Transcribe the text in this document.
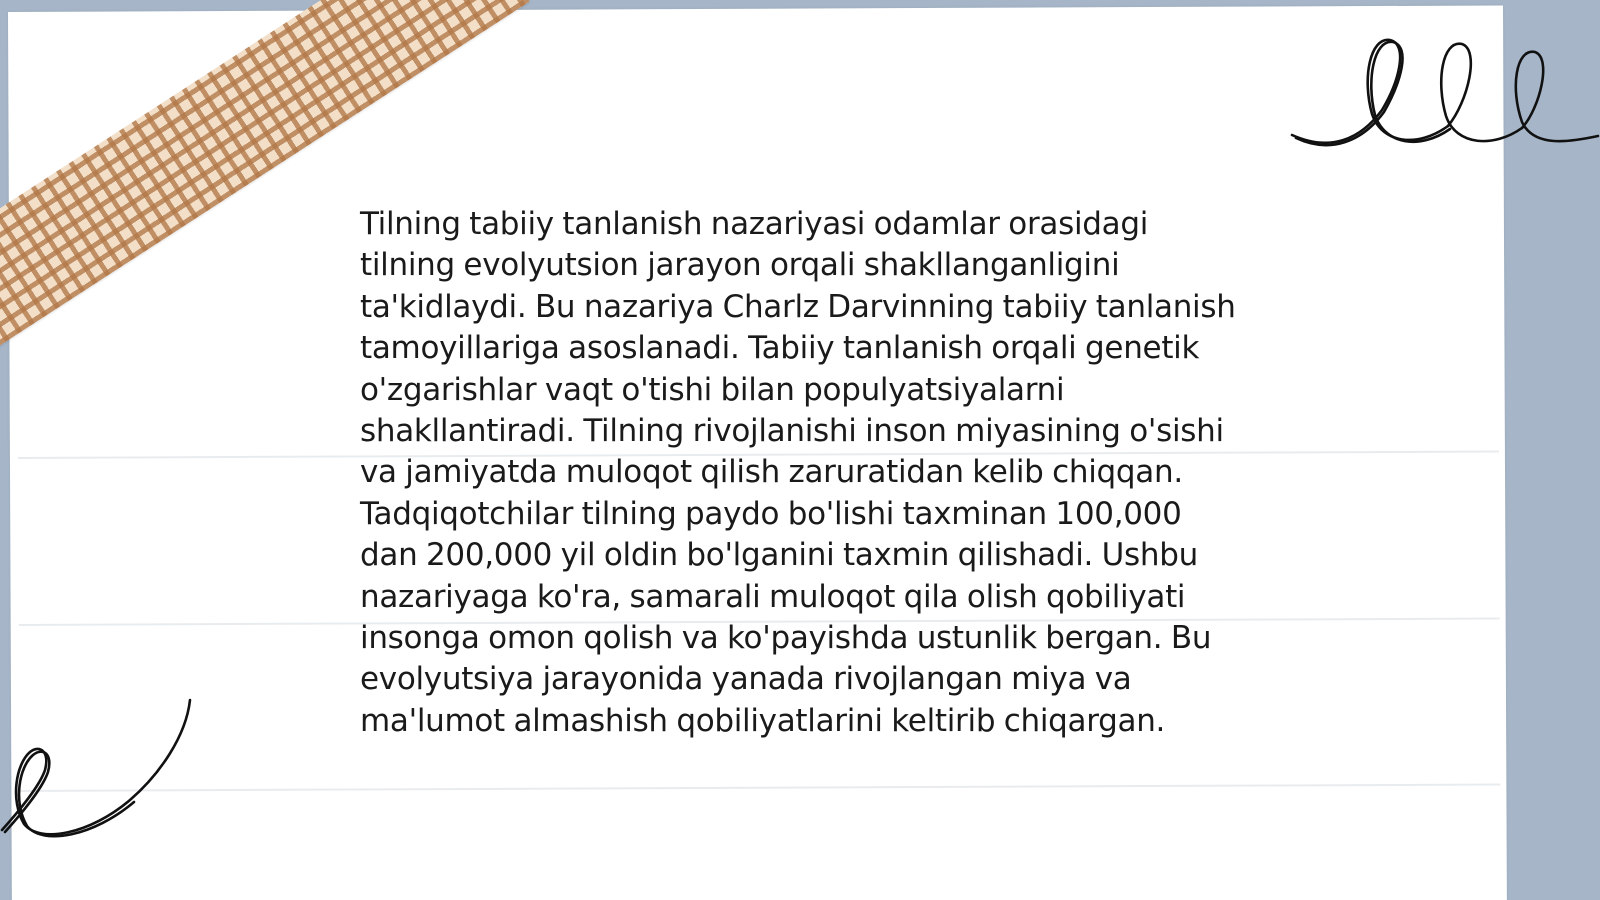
Tilning tabiiy tanlanish nazariyasi odamlar orasidagi tilning evolyutsion jarayon orqali shakllanganligini ta'kidlaydi. Bu nazariya Charlz Darvinning tabiiy tanlanish tamoyillariga asoslanadi. Tabiiy tanlanish orqali genetik o'zgarishlar vaqt o'tishi bilan populyatsiyalarni shakllantiradi. Tilning rivojlanishi inson miyasining o'sishi va jamiyatda muloqot qilish zaruratidan kelib chiqqan. Tadqiqotchilar tilning paydo bo'lishi taxminan 100,000 dan 200,000 yil oldin bo'lganini taxmin qilishadi. Ushbu nazariyaga ko'ra, samarali muloqot qila olish qobiliyati insonga omon qolish va ko'payishda ustunlik bergan. Bu evolyutsiya jarayonida yanada rivojlangan miya va ma'lumot almashish qobiliyatlarini keltirib chiqargan.
